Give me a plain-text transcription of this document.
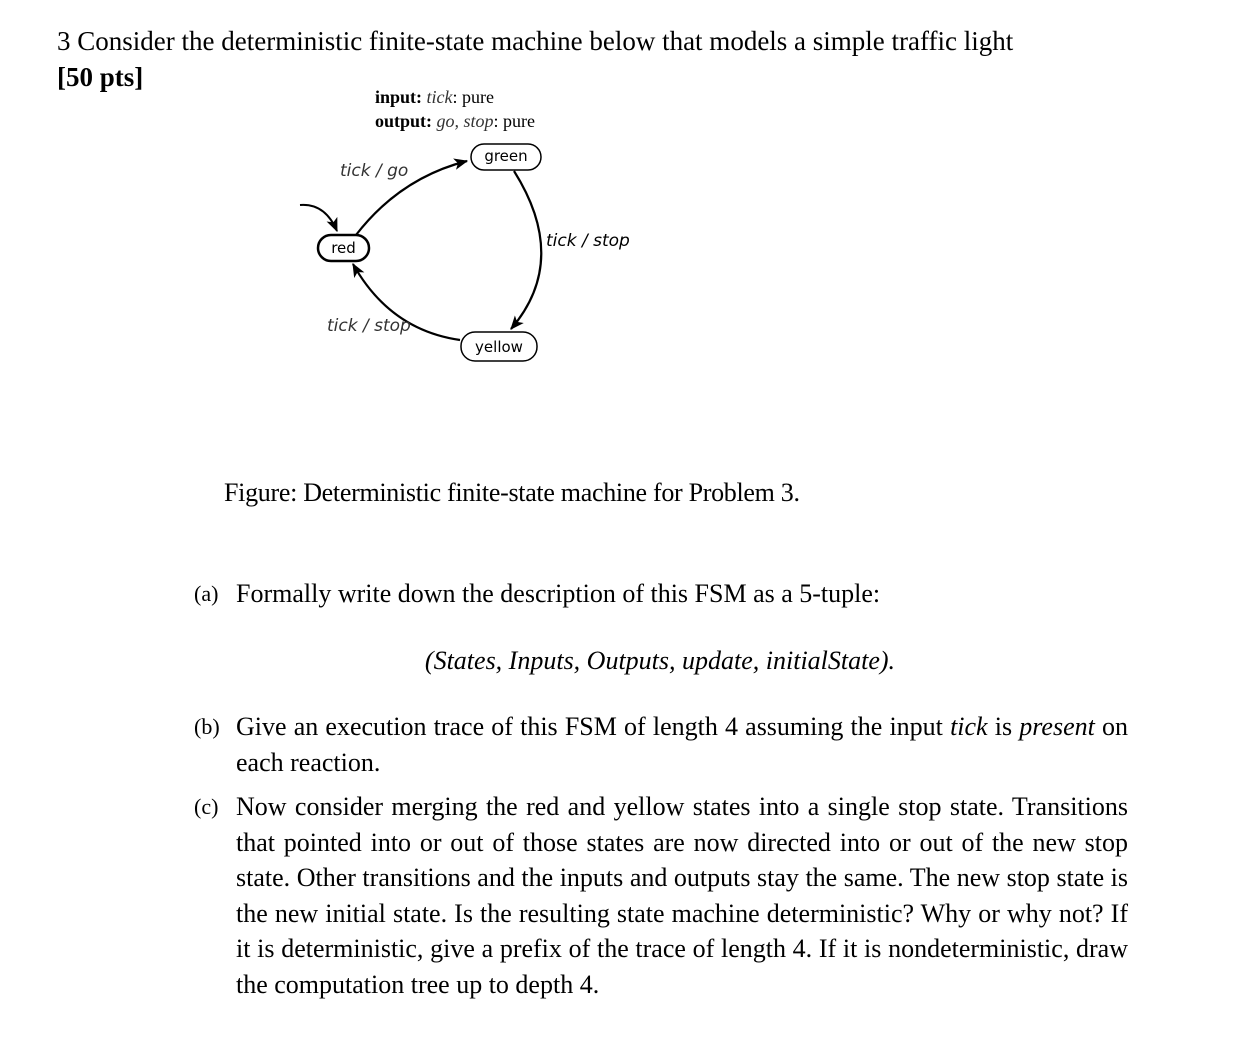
3 Consider the deterministic finite-state machine below that models a simple traffic light
[50 pts]
input: tick: pure
output: go, stop: pure
green
red
yellow
tick / go
tick / stop
tick / stop
Figure: Deterministic finite-state machine for Problem 3.
(a) Formally write down the description of this FSM as a 5-tuple:
(States, Inputs, Outputs, update, initialState).
(b) Give an execution trace of this FSM of length 4 assuming the input tick is present on each reaction.
(c) Now consider merging the red and yellow states into a single stop state. Transitions that pointed into or out of those states are now directed into or out of the new stop state. Other transitions and the inputs and outputs stay the same. The new stop state is the new initial state. Is the resulting state machine deterministic? Why or why not? If it is deterministic, give a prefix of the trace of length 4. If it is nondeterministic, draw the computation tree up to depth 4.
